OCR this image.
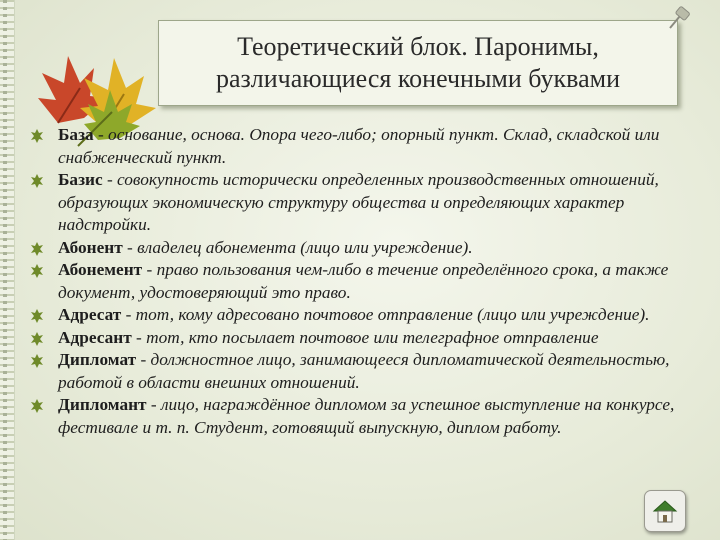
Теоретический блок. Паронимы,
различающиеся конечными буквами

База - основание, основа. Опора чего-либо; опорный пункт. Склад, складской или снабженческий пункт.
Базис - совокупность исторически определенных производственных отношений, образующих экономическую структуру общества и определяющих характер надстройки.
Абонент - владелец абонемента (лицо или учреждение).
Абонемент - право пользования чем-либо в течение определённого срока, а также документ, удостоверяющий это право.
Адресат - тот, кому адресовано почтовое отправление (лицо или учреждение).
Адресант - тот, кто посылает почтовое или телеграфное отправление
Дипломат - должностное лицо, занимающееся дипломатической деятельностью, работой в области внешних отношений.
Дипломант - лицо, награждённое дипломом за успешное выступление на конкурсе, фестивале и т. п. Студент, готовящий выпускную, диплом работу.
